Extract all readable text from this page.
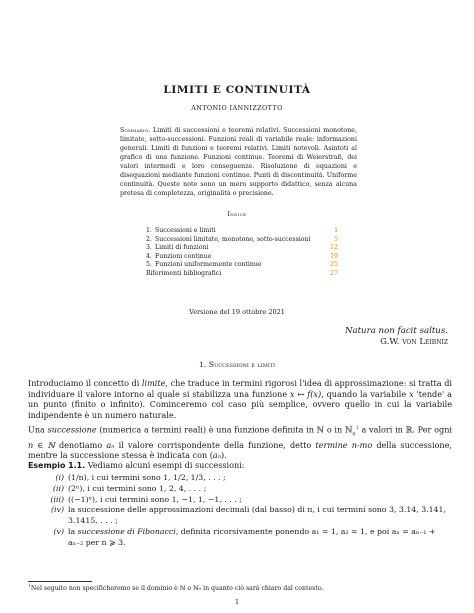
LIMITI E CONTINUITÀ
ANTONIO IANNIZZOTTO
Sommario. Limiti di successioni e teoremi relativi. Successioni monotone, limitate, sotto-successioni. Funzioni reali di variabile reale: informazioni generali. Limiti di funzioni e teoremi relativi. Limiti notevoli. Asintoti al grafico di una funzione. Funzioni continue. Teoremi di Weierstraß, dei valori intermedi e loro conseguenze. Risoluzione di equazioni e disequazioni mediante funzioni continue. Punti di discontinuità. Uniforme continuità. Queste note sono un mero supporto didattico, senza alcuna pretesa di completezza, originalità o precisione.
Indice
1. Successioni e limiti	1
2. Successioni limitate, monotone, sotto-successioni	5
3. Limiti di funzioni	12
4. Funzioni continue	19
5. Funzioni uniformemente continue	25
Riferimenti bibliografici	27
Versione del 19 ottobre 2021
Natura non facit saltus.
G.W. von Leibniz
1. Successioni e limiti
Introduciamo il concetto di limite, che traduce in termini rigorosi l'idea di approssimazione: si tratta di individuare il valore intorno al quale si stabilizza una funzione x ↦ f(x), quando la variabile x 'tende' a un punto (finito o infinito). Cominceremo col caso più semplice, ovvero quello in cui la variabile indipendente è un numero naturale.
Una successione (numerica a termini reali) è una funzione definita in ℕ o in ℕ$_0^1$ a valori in ℝ. Per ogni n ∈ ℕ denotiamo aₙ il valore corrispondente della funzione, detto termine n-mo della successione, mentre la successione stessa è indicata con (aₙ).
Esempio 1.1. Vediamo alcuni esempi di successioni:
(i) (1/n), i cui termini sono 1, 1/2, 1/3, . . . ;
(ii) (2ⁿ), i cui termini sono 1, 2, 4, . . . ;
(iii) ((−1)ⁿ), i cui termini sono 1, −1, 1, −1, . . . ;
(iv) la successione delle approssimazioni decimali (dal basso) di π, i cui termini sono 3, 3.14, 3.141, 3.1415, . . . ;
(v) la successione di Fibonacci, definita ricorsivamente ponendo a₁ = 1, a₂ = 1, e poi aₙ = aₙ₋₁ + aₙ₋₂ per n ⩾ 3.
$^1$Nel seguito non specificheremo se il dominio è ℕ o ℕ₀ in quanto ciò sarà chiaro dal contesto.
1
